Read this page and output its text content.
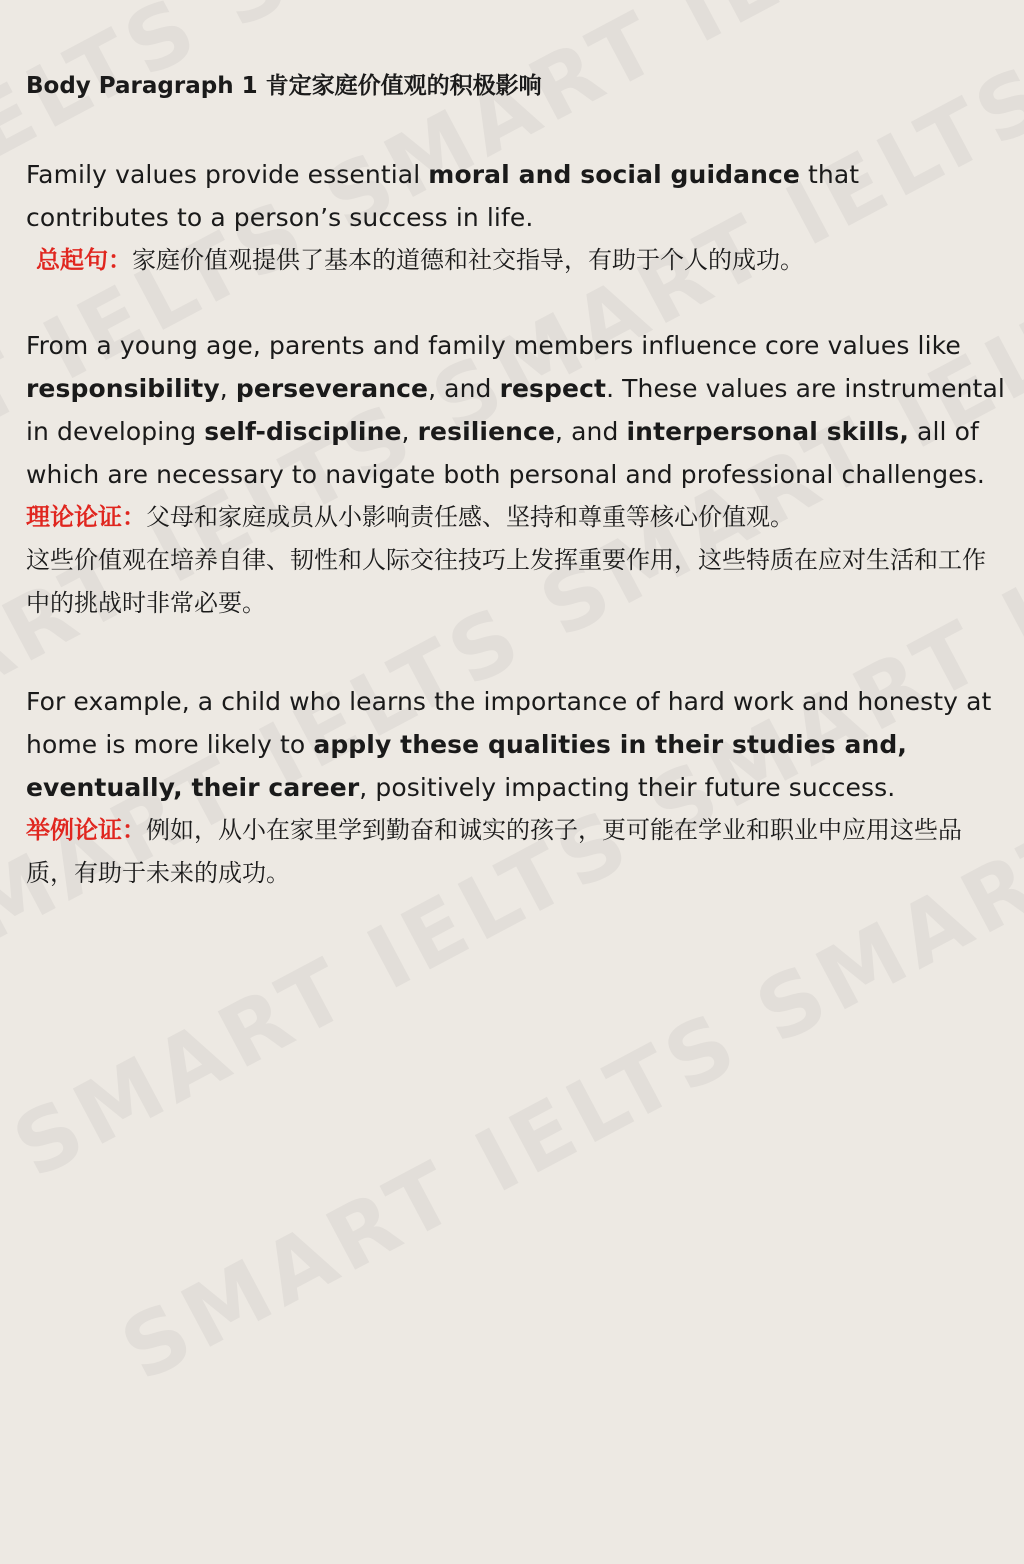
Body Paragraph 1 肯定家庭价值观的积极影响

Family values provide essential moral and social guidance that contributes to a person’s success in life.

总起句：家庭价值观提供了基本的道德和社交指导，有助于个人的成功。

From a young age, parents and family members influence core values like responsibility, perseverance, and respect. These values are instrumental in developing self-discipline, resilience, and interpersonal skills, all of which are necessary to navigate both personal and professional challenges.

理论论证：父母和家庭成员从小影响责任感、坚持和尊重等核心价值观。

这些价值观在培养自律、韧性和人际交往技巧上发挥重要作用，这些特质在应对生活和工作中的挑战时非常必要。

For example, a child who learns the importance of hard work and honesty at home is more likely to apply these qualities in their studies and, eventually, their career, positively impacting their future success.

举例论证：例如，从小在家里学到勤奋和诚实的孩子，更可能在学业和职业中应用这些品质，有助于未来的成功。
